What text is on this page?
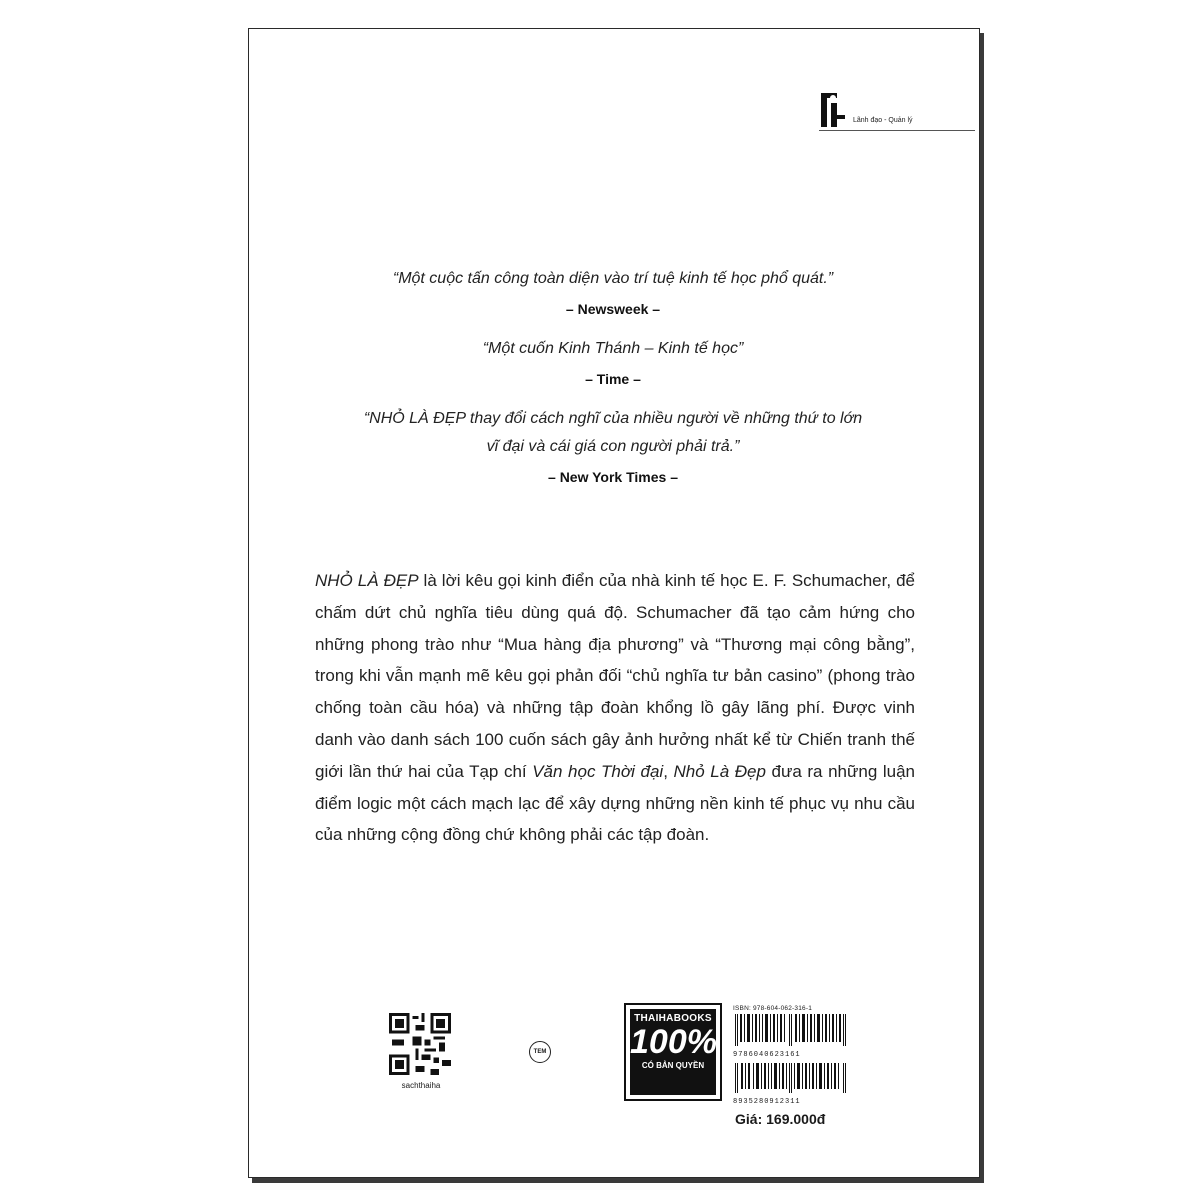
Lãnh đạo - Quản lý
“Một cuộc tấn công toàn diện vào trí tuệ kinh tế học phổ quát.”
– Newsweek –
“Một cuốn Kinh Thánh – Kinh tế học”
– Time –
“NHỎ LÀ ĐẸP thay đổi cách nghĩ của nhiều người về những thứ to lớn
vĩ đại và cái giá con người phải trả.”
– New York Times –
NHỎ LÀ ĐẸP là lời kêu gọi kinh điển của nhà kinh tế học E. F. Schumacher, để chấm dứt chủ nghĩa tiêu dùng quá độ. Schumacher đã tạo cảm hứng cho những phong trào như “Mua hàng địa phương” và “Thương mại công bằng”, trong khi vẫn mạnh mẽ kêu gọi phản đối “chủ nghĩa tư bản casino” (phong trào chống toàn cầu hóa) và những tập đoàn khổng lồ gây lãng phí. Được vinh danh vào danh sách 100 cuốn sách gây ảnh hưởng nhất kể từ Chiến tranh thế giới lần thứ hai của Tạp chí Văn học Thời đại, Nhỏ Là Đẹp đưa ra những luận điểm logic một cách mạch lạc để xây dựng những nền kinh tế phục vụ nhu cầu của những cộng đồng chứ không phải các tập đoàn.
sachthaiha
TEM
THAIHABOOKS
100%
CÓ BẢN QUYỀN
ISBN: 978-604-062-316-1
9786040623161
8935280912311
Giá: 169.000đ
